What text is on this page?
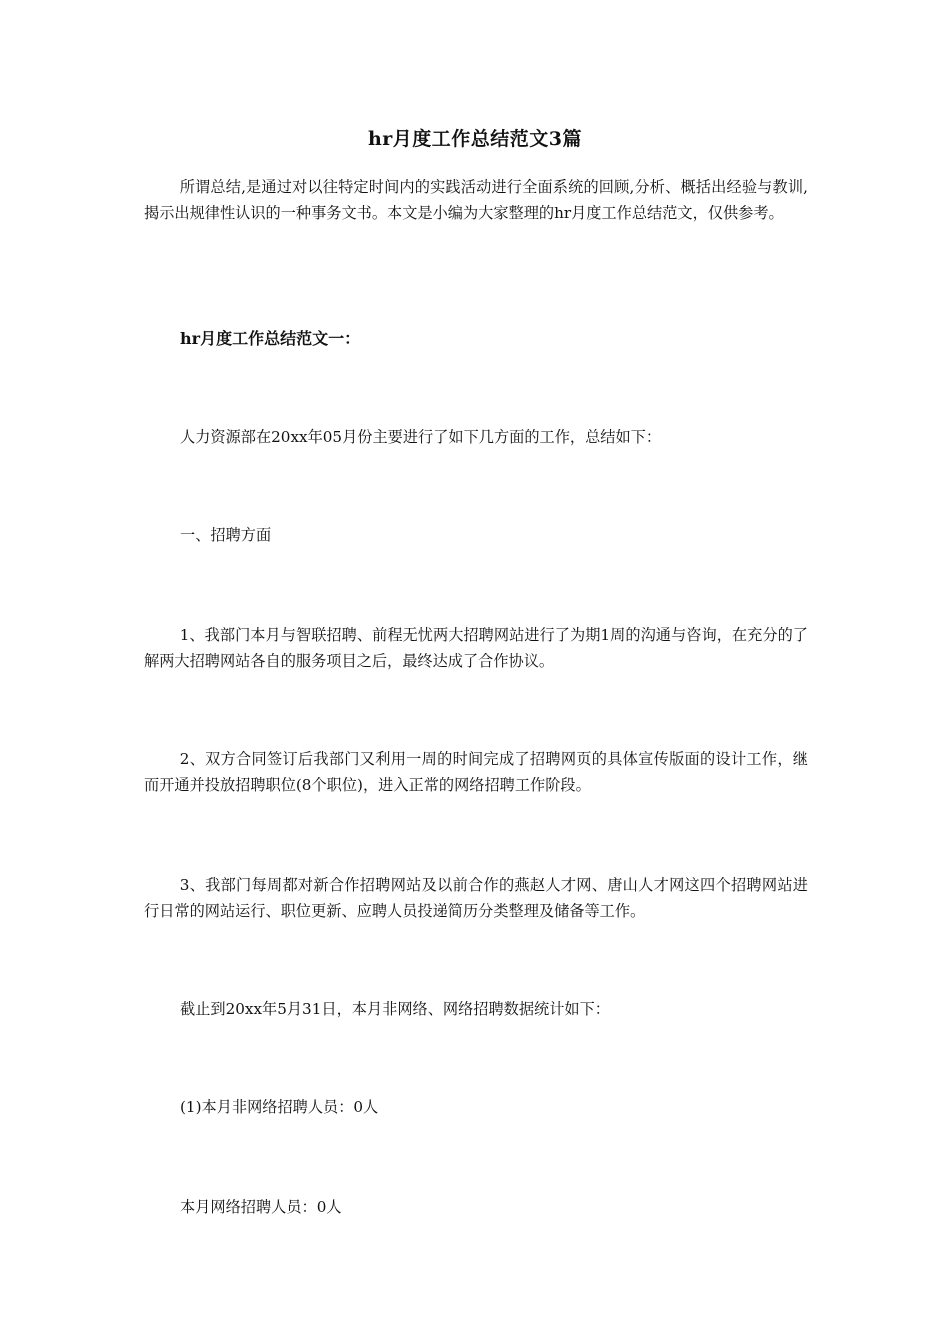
hr月度工作总结范文3篇
所谓总结,是通过对以往特定时间内的实践活动进行全面系统的回顾,分析、概括出经验与教训,揭示出规律性认识的一种事务文书。本文是小编为大家整理的hr月度工作总结范文，仅供参考。
hr月度工作总结范文一：
人力资源部在20xx年05月份主要进行了如下几方面的工作，总结如下：
一、招聘方面
1、我部门本月与智联招聘、前程无忧两大招聘网站进行了为期1周的沟通与咨询，在充分的了解两大招聘网站各自的服务项目之后，最终达成了合作协议。
2、双方合同签订后我部门又利用一周的时间完成了招聘网页的具体宣传版面的设计工作，继而开通并投放招聘职位(8个职位)，进入正常的网络招聘工作阶段。
3、我部门每周都对新合作招聘网站及以前合作的燕赵人才网、唐山人才网这四个招聘网站进行日常的网站运行、职位更新、应聘人员投递简历分类整理及储备等工作。
截止到20xx年5月31日，本月非网络、网络招聘数据统计如下：
(1)本月非网络招聘人员：0人
本月网络招聘人员：0人
